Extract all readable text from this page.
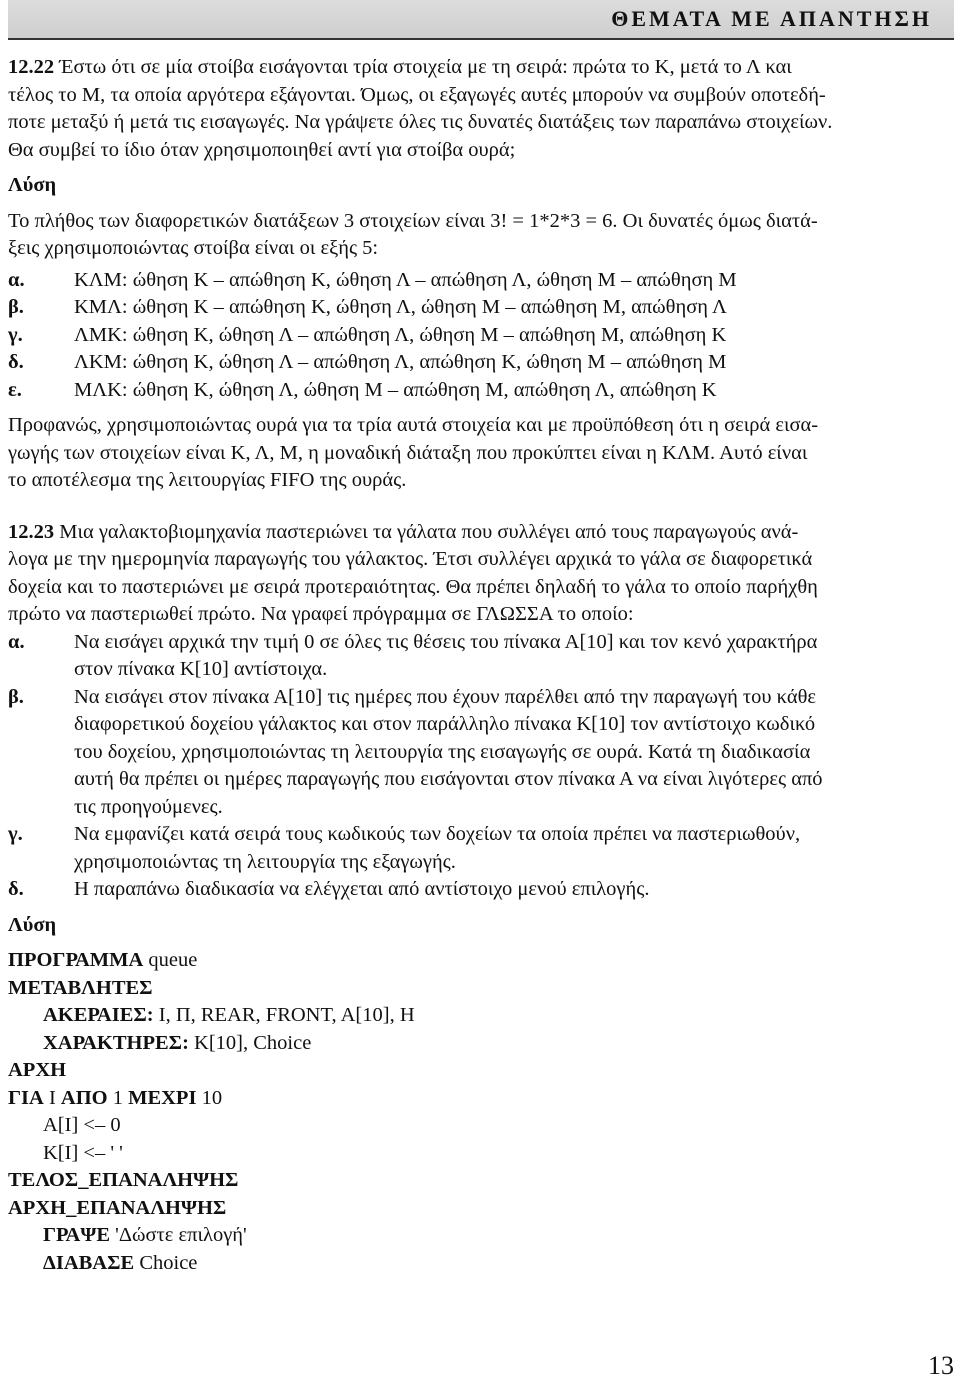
ΘΕΜΑΤΑ ΜΕ ΑΠΑΝΤΗΣΗ

12.22 Έστω ότι σε μία στοίβα εισάγονται τρία στοιχεία με τη σειρά: πρώτα το Κ, μετά το Λ και

τέλος το Μ, τα οποία αργότερα εξάγονται. Όμως, οι εξαγωγές αυτές μπορούν να συμβούν οποτεδή-

ποτε μεταξύ ή μετά τις εισαγωγές. Να γράψετε όλες τις δυνατές διατάξεις των παραπάνω στοιχείων.

Θα συμβεί το ίδιο όταν χρησιμοποιηθεί αντί για στοίβα ουρά;

Λύση

Το πλήθος των διαφορετικών διατάξεων 3 στοιχείων είναι 3! = 1*2*3 = 6. Οι δυνατές όμως διατά-

ξεις χρησιμοποιώντας στοίβα είναι οι εξής 5:

α.	ΚΛΜ: ώθηση Κ – απώθηση Κ, ώθηση Λ – απώθηση Λ, ώθηση Μ – απώθηση Μ
β.	ΚΜΛ: ώθηση Κ – απώθηση Κ, ώθηση Λ, ώθηση Μ – απώθηση Μ, απώθηση Λ
γ.	ΛΜΚ: ώθηση Κ, ώθηση Λ – απώθηση Λ, ώθηση Μ – απώθηση Μ, απώθηση Κ
δ.	ΛΚΜ: ώθηση Κ, ώθηση Λ – απώθηση Λ, απώθηση Κ, ώθηση Μ – απώθηση Μ
ε.	ΜΛΚ: ώθηση Κ, ώθηση Λ, ώθηση Μ – απώθηση Μ, απώθηση Λ, απώθηση Κ

Προφανώς, χρησιμοποιώντας ουρά για τα τρία αυτά στοιχεία και με προϋπόθεση ότι η σειρά εισα-

γωγής των στοιχείων είναι Κ, Λ, Μ, η μοναδική διάταξη που προκύπτει είναι η ΚΛΜ. Αυτό είναι

το αποτέλεσμα της λειτουργίας FIFO της ουράς.

12.23 Μια γαλακτοβιομηχανία παστεριώνει τα γάλατα που συλλέγει από τους παραγωγούς ανά-

λογα με την ημερομηνία παραγωγής του γάλακτος. Έτσι συλλέγει αρχικά το γάλα σε διαφορετικά

δοχεία και το παστεριώνει με σειρά προτεραιότητας. Θα πρέπει δηλαδή το γάλα το οποίο παρήχθη

πρώτο να παστεριωθεί πρώτο. Να γραφεί πρόγραμμα σε ΓΛΩΣΣΑ το οποίο:

α.	Να εισάγει αρχικά την τιμή 0 σε όλες τις θέσεις του πίνακα Α[10] και τον κενό χαρακτήρα
στον πίνακα Κ[10] αντίστοιχα.
β.	Να εισάγει στον πίνακα Α[10] τις ημέρες που έχουν παρέλθει από την παραγωγή του κάθε
διαφορετικού δοχείου γάλακτος και στον παράλληλο πίνακα Κ[10] τον αντίστοιχο κωδικό
του δοχείου, χρησιμοποιώντας τη λειτουργία της εισαγωγής σε ουρά. Κατά τη διαδικασία
αυτή θα πρέπει οι ημέρες παραγωγής που εισάγονται στον πίνακα Α να είναι λιγότερες από
τις προηγούμενες.
γ.	Να εμφανίζει κατά σειρά τους κωδικούς των δοχείων τα οποία πρέπει να παστεριωθούν,
χρησιμοποιώντας τη λειτουργία της εξαγωγής.
δ.	Η παραπάνω διαδικασία να ελέγχεται από αντίστοιχο μενού επιλογής.

Λύση

ΠΡΟΓΡΑΜΜΑ queue
ΜΕΤΑΒΛΗΤΕΣ
ΑΚΕΡΑΙΕΣ: Ι, Π, REAR, FRONT, A[10], Η
ΧΑΡΑΚΤΗΡΕΣ: K[10], Choice
ΑΡΧΗ
ΓΙΑ Ι ΑΠΟ 1 ΜΕΧΡΙ 10
A[I] <– 0
K[I] <– ' '
ΤΕΛΟΣ_ΕΠΑΝΑΛΗΨΗΣ
ΑΡΧΗ_ΕΠΑΝΑΛΗΨΗΣ
ΓΡΑΨΕ 'Δώστε επιλογή'
ΔΙΑΒΑΣΕ Choice
13
